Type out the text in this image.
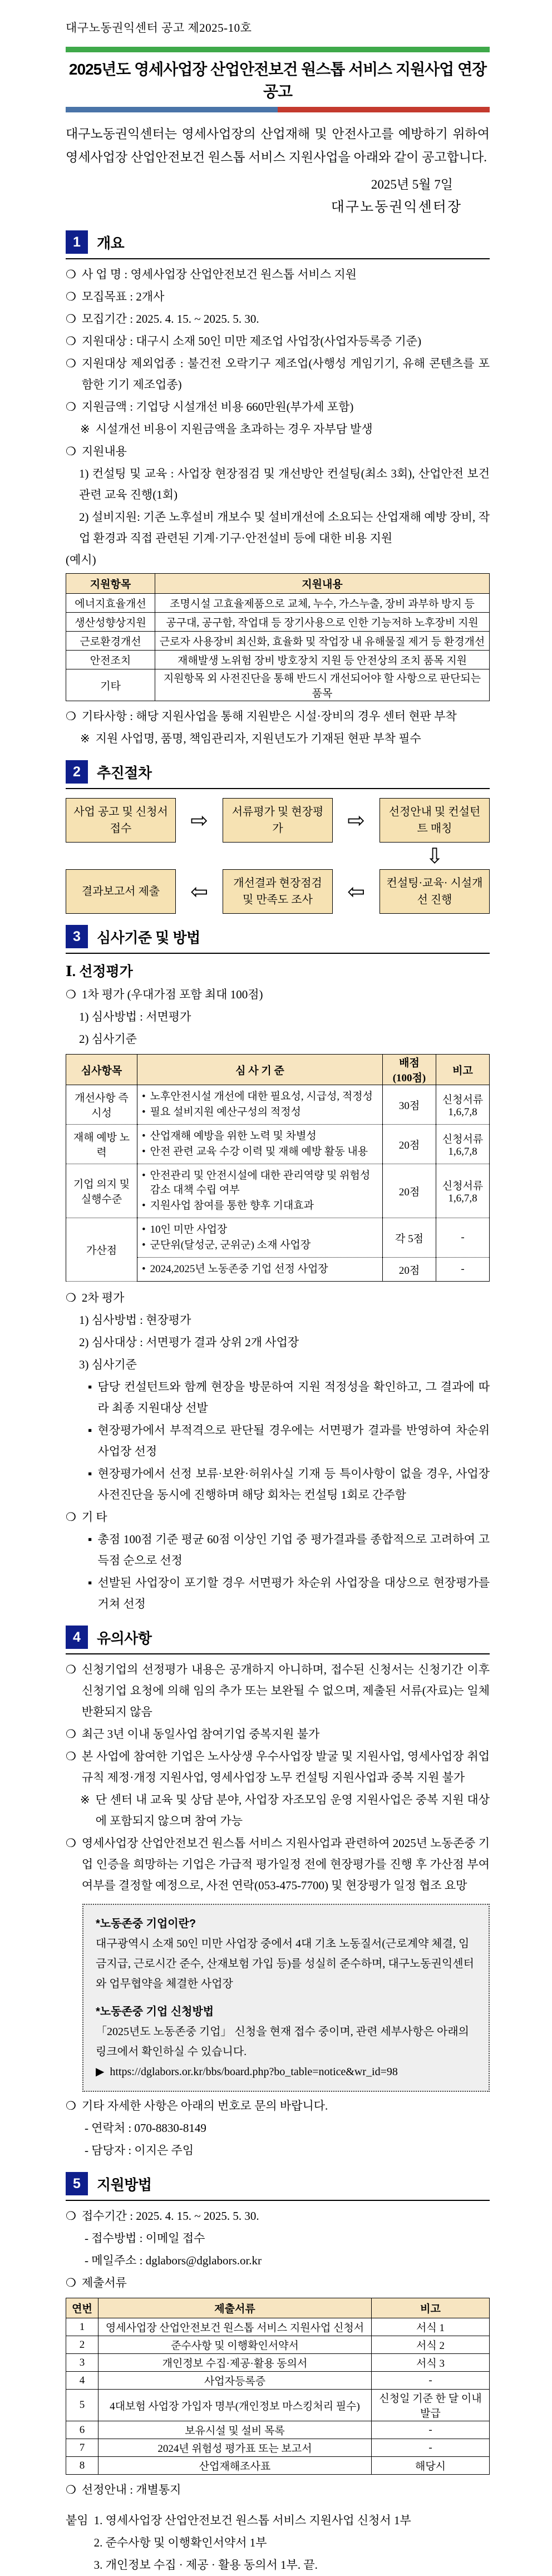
대구노동권익센터 공고 제2025-10호
2025년도 영세사업장 산업안전보건 원스톱 서비스 지원사업 연장 공고
대구노동권익센터는 영세사업장의 산업재해 및 안전사고를 예방하기 위하여 영세사업장 산업안전보건 원스톱 서비스 지원사업을 아래와 같이 공고합니다.
2025년 5월 7일
대구노동권익센터장
1	개요
❍ 사 업 명 : 영세사업장 산업안전보건 원스톱 서비스 지원
❍ 모집목표 : 2개사
❍ 모집기간 : 2025. 4. 15. ~ 2025. 5. 30.
❍ 지원대상 : 대구시 소재 50인 미만 제조업 사업장(사업자등록증 기준)
❍ 지원대상 제외업종 : 불건전 오락기구 제조업(사행성 게임기기, 유해 콘텐츠를 포함한 기기 제조업종)
❍ 지원금액 : 기업당 시설개선 비용 660만원(부가세 포함)
※ 시설개선 비용이 지원금액을 초과하는 경우 자부담 발생
❍ 지원내용
1) 컨설팅 및 교육 : 사업장 현장점검 및 개선방안 컨설팅(최소 3회), 산업안전 보건 관련 교육 진행(1회)
2) 설비지원: 기존 노후설비 개보수 및 설비개선에 소요되는 산업재해 예방 장비, 작업 환경과 직접 관련된 기계·기구·안전설비 등에 대한 비용 지원
(예시)
지원항목	지원내용
에너지효율개선	조명시설 고효율제품으로 교체, 누수, 가스누출, 장비 과부하 방지 등
생산성향상지원	공구대, 공구함, 작업대 등 장기사용으로 인한 기능저하 노후장비 지원
근로환경개선	근로자 사용장비 최신화, 효율화 및 작업장 내 유해물질 제거 등 환경개선
안전조치	재해발생 노위험 장비 방호장치 지원 등 안전상의 조치 품목 지원
기타	지원항목 외 사전진단을 통해 반드시 개선되어야 할 사항으로 판단되는 품목
❍ 기타사항 : 해당 지원사업을 통해 지원받은 시설·장비의 경우 센터 현판 부착
※ 지원 사업명, 품명, 책임관리자, 지원년도가 기재된 현판 부착 필수
2	추진절차
사업 공고 및 신청서 접수	⇨	서류평가 및 현장평가	⇨	선정안내 및 컨설턴트 매칭
⇩
결과보고서 제출	⇦	개선결과 현장점검 및 만족도 조사	⇦	컨설팅·교육· 시설개선 진행
3	심사기준 및 방법
Ⅰ. 선정평가
❍ 1차 평가 (우대가점 포함 최대 100점)
1) 심사방법 : 서면평가
2) 심사기준
심사항목	심 사 기 준	배점
(100점)	비고
개선사항 즉시성	• 노후안전시설 개선에 대한 필요성, 시급성, 적정성
• 필요 설비지원 예산구성의 적정성	30점	신청서류 1,6,7,8
재해 예방 노력	• 산업재해 예방을 위한 노력 및 차별성
• 안전 관련 교육 수강 이력 및 재해 예방 활동 내용	20점	신청서류 1,6,7,8
기업 의지 및 실행수준	• 안전관리 및 안전시설에 대한 관리역량 및 위험성 감소 대책 수립 여부
• 지원사업 참여를 통한 향후 기대효과	20점	신청서류 1,6,7,8
가산점	• 10인 미만 사업장
• 군단위(달성군, 군위군) 소재 사업장	각 5점	-

	• 2024,2025년 노동존중 기업 선정 사업장	20점	-
❍ 2차 평가
1) 심사방법 : 현장평가
2) 심사대상 : 서면평가 결과 상위 2개 사업장
3) 심사기준
▪ 담당 컨설턴트와 함께 현장을 방문하여 지원 적정성을 확인하고, 그 결과에 따라 최종 지원대상 선발
▪ 현장평가에서 부적격으로 판단될 경우에는 서면평가 결과를 반영하여 차순위 사업장 선정
▪ 현장평가에서 선정 보류·보완·허위사실 기재 등 특이사항이 없을 경우, 사업장 사전진단을 동시에 진행하며 해당 회차는 컨설팅 1회로 간주함
❍ 기 타
▪ 총점 100점 기준 평균 60점 이상인 기업 중 평가결과를 종합적으로 고려하여 고득점 순으로 선정
▪ 선발된 사업장이 포기할 경우 서면평가 차순위 사업장을 대상으로 현장평가를 거쳐 선정
4	유의사항
❍ 신청기업의 선정평가 내용은 공개하지 아니하며, 접수된 신청서는 신청기간 이후 신청기업 요청에 의해 임의 추가 또는 보완될 수 없으며, 제출된 서류(자료)는 일체 반환되지 않음
❍ 최근 3년 이내 동일사업 참여기업 중복지원 불가
❍ 본 사업에 참여한 기업은 노사상생 우수사업장 발굴 및 지원사업, 영세사업장 취업규칙 제정·개정 지원사업, 영세사업장 노무 컨설팅 지원사업과 중복 지원 불가
※ 단 센터 내 교육 및 상담 분야, 사업장 자조모임 운영 지원사업은 중복 지원 대상에 포함되지 않으며 참여 가능
❍ 영세사업장 산업안전보건 원스톱 서비스 지원사업과 관련하여 2025년 노동존중 기업 인증을 희망하는 기업은 가급적 평가일정 전에 현장평가를 진행 후 가산점 부여 여부를 결정할 예정으로, 사전 연락(053-475-7700) 및 현장평가 일정 협조 요망
*노동존중 기업이란?
대구광역시 소재 50인 미만 사업장 중에서 4대 기초 노동질서(근로계약 체결, 임금지급, 근로시간 준수, 산재보험 가입 등)를 성실히 준수하며, 대구노동권익센터와 업무협약을 체결한 사업장
*노동존중 기업 신청방법
「2025년도 노동존중 기업」 신청을 현재 접수 중이며, 관련 세부사항은 아래의 링크에서 확인하실 수 있습니다.
▶ https://dglabors.or.kr/bbs/board.php?bo_table=notice&wr_id=98
❍ 기타 자세한 사항은 아래의 번호로 문의 바랍니다.
- 연락처 : 070-8830-8149
- 담당자 : 이지은 주임
5	지원방법
❍ 접수기간 : 2025. 4. 15. ~ 2025. 5. 30.
- 접수방법 : 이메일 접수
- 메일주소 : dglabors@dglabors.or.kr
❍ 제출서류
연번	제출서류	비고
1	영세사업장 산업안전보건 원스톱 서비스 지원사업 신청서	서식 1
2	준수사항 및 이행확인서약서	서식 2
3	개인정보 수집·제공·활용 동의서	서식 3
4	사업자등록증	-
5	4대보험 사업장 가입자 명부(개인정보 마스킹처리 필수)	신청일 기준 한 달 이내 발급
6	보유시설 및 설비 목록	-
7	2024년 위험성 평가표 또는 보고서	-
8	산업재해조사표	해당시
❍ 선정안내 : 개별통지
붙임 1. 영세사업장 산업안전보건 원스톱 서비스 지원사업 신청서 1부
2. 준수사항 및 이행확인서약서 1부
3. 개인정보 수집 · 제공 · 활용 동의서 1부. 끝.
